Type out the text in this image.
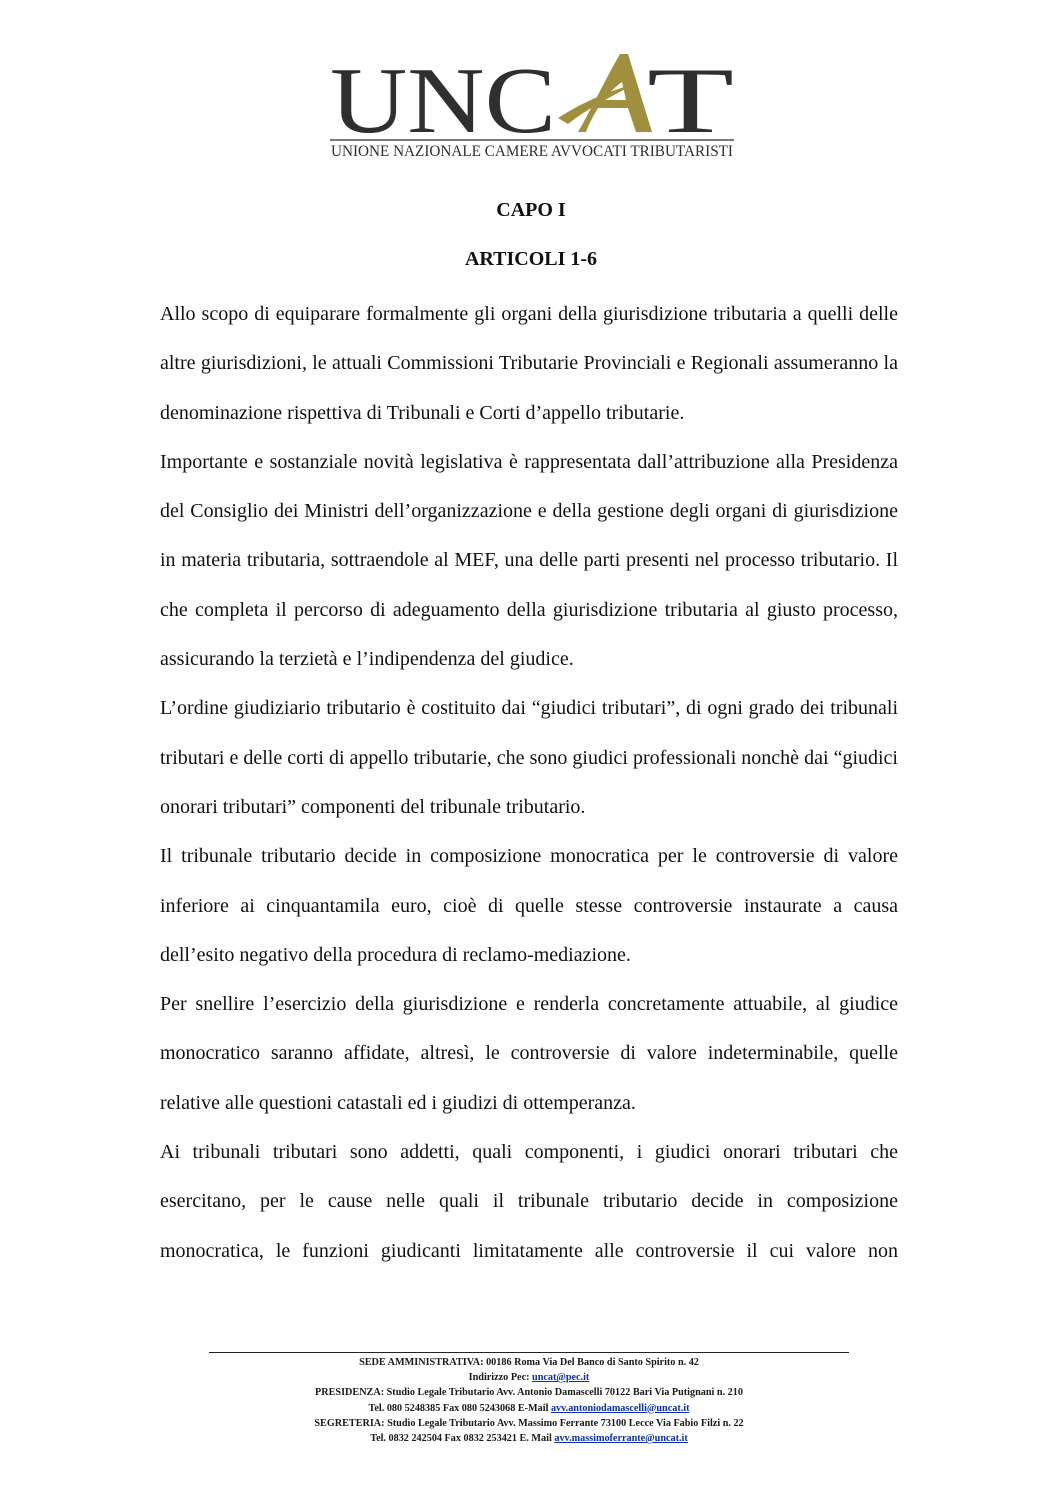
UNC T
UNIONE NAZIONALE CAMERE AVVOCATI TRIBUTARISTI
CAPO I
ARTICOLI 1-6

Allo scopo di equiparare formalmente gli organi della giurisdizione tributaria a quelli delle altre giurisdizioni, le attuali Commissioni Tributarie Provinciali e Regionali assumeranno la denominazione rispettiva di Tribunali e Corti d’appello tributarie.

Importante e sostanziale novità legislativa è rappresentata dall’attribuzione alla Presidenza del Consiglio dei Ministri dell’organizzazione e della gestione degli organi di giurisdizione in materia tributaria, sottraendole al MEF, una delle parti presenti nel processo tributario. Il che completa il percorso di adeguamento della giurisdizione tributaria al giusto processo, assicurando la terzietà e l’indipendenza del giudice.

L’ordine giudiziario tributario è costituito dai “giudici tributari”, di ogni grado dei tribunali tributari e delle corti di appello tributarie, che sono giudici professionali nonchè dai “giudici onorari tributari” componenti del tribunale tributario.

Il tribunale tributario decide in composizione monocratica per le controversie di valore inferiore ai cinquantamila euro, cioè di quelle stesse controversie instaurate a causa dell’esito negativo della procedura di reclamo-mediazione.

Per snellire l’esercizio della giurisdizione e renderla concretamente attuabile, al giudice monocratico saranno affidate, altresì, le controversie di valore indeterminabile, quelle relative alle questioni catastali ed i giudizi di ottemperanza.

Ai tribunali tributari sono addetti, quali componenti, i giudici onorari tributari che esercitano, per le cause nelle quali il tribunale tributario decide in composizione monocratica, le funzioni giudicanti limitatamente alle controversie il cui valore non

SEDE AMMINISTRATIVA: 00186 Roma Via Del Banco di Santo Spirito n. 42
Indirizzo Pec: uncat@pec.it
PRESIDENZA: Studio Legale Tributario Avv. Antonio Damascelli 70122 Bari Via Putignani n. 210
Tel. 080 5248385 Fax 080 5243068 E-Mail avv.antoniodamascelli@uncat.it
SEGRETERIA: Studio Legale Tributario Avv. Massimo Ferrante 73100 Lecce Via Fabio Filzi n. 22
Tel. 0832 242504 Fax 0832 253421 E. Mail avv.massimoferrante@uncat.it
